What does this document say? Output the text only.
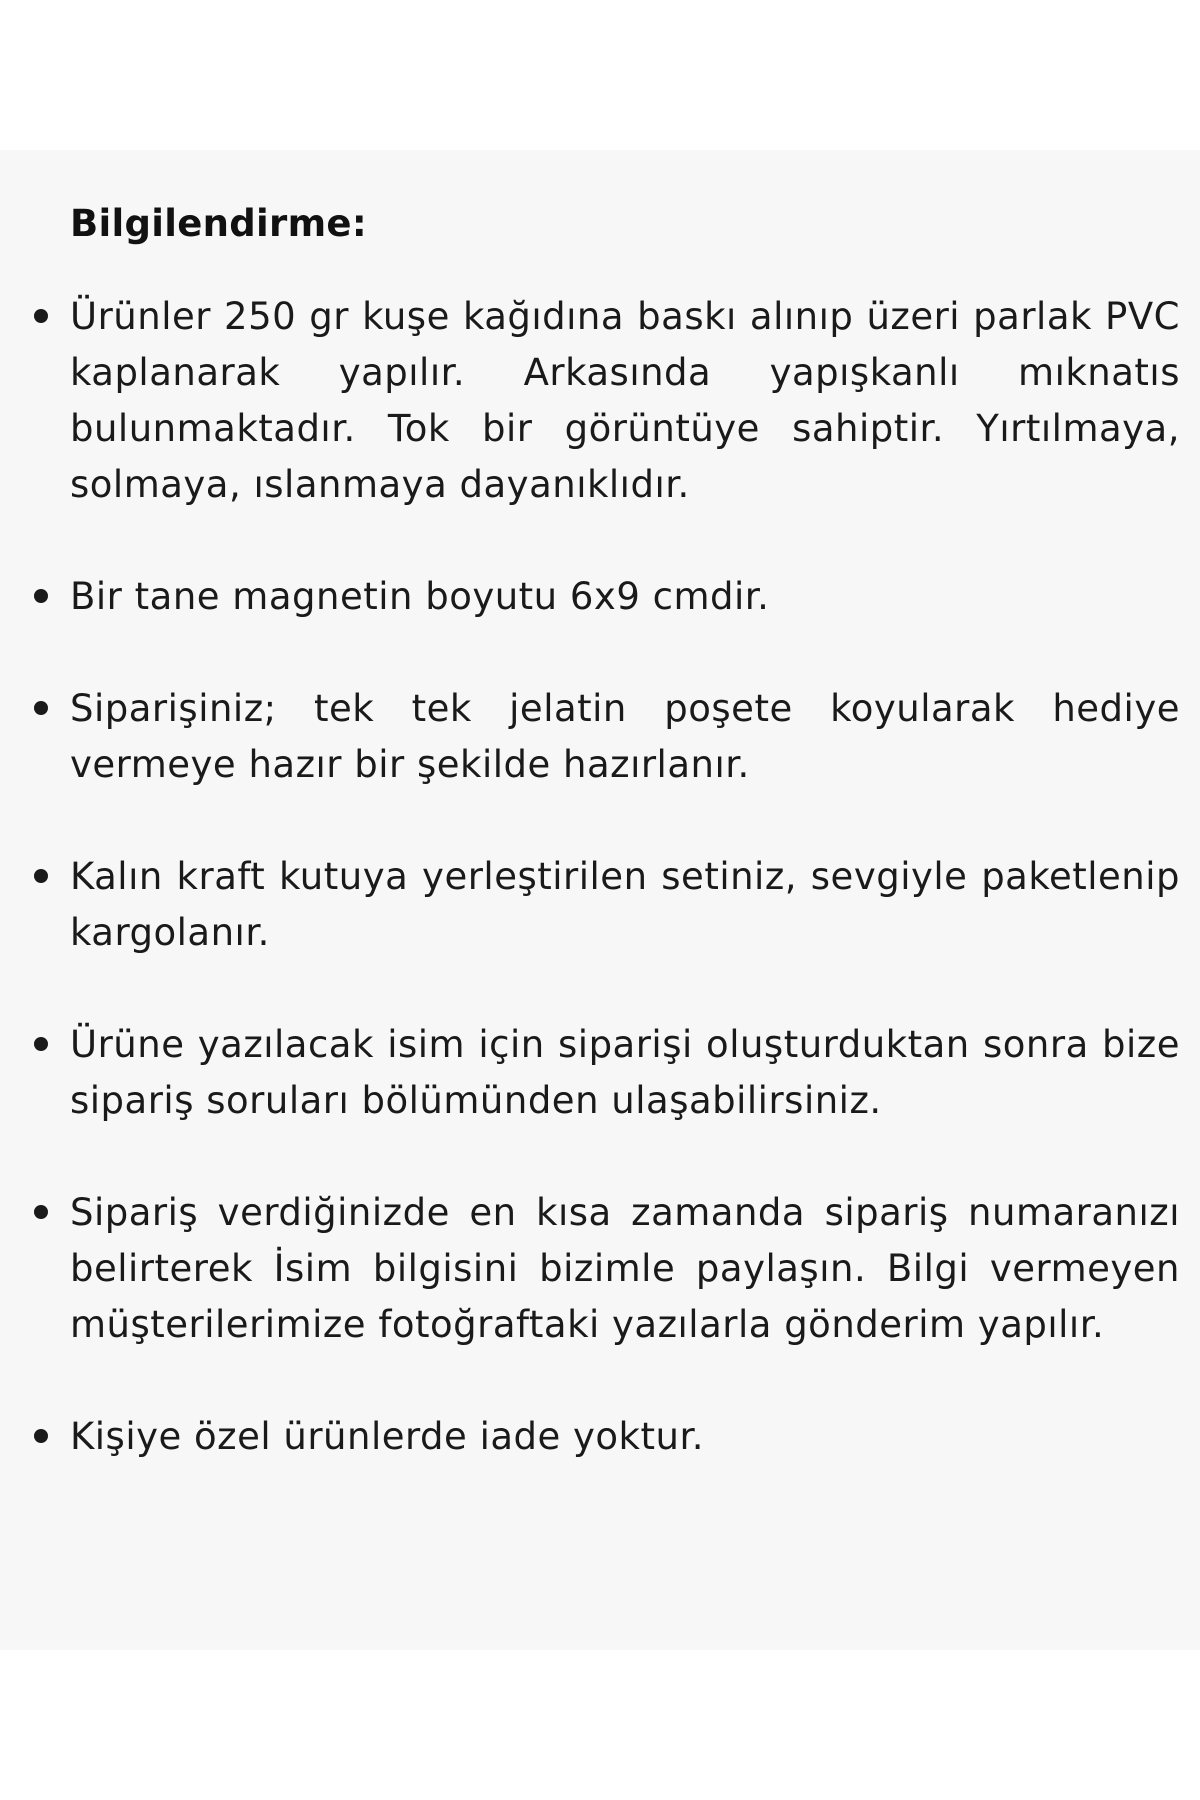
Bilgilendirme:
Ürünler 250 gr kuşe kağıdına baskı alınıp üzeri parlak PVC kaplanarak yapılır. Arkasında yapışkanlı mıknatıs bulunmaktadır. Tok bir görüntüye sahiptir. Yırtılmaya, solmaya, ıslanmaya dayanıklıdır.
Bir tane magnetin boyutu 6x9 cmdir.
Siparişiniz; tek tek jelatin poşete koyularak hediye vermeye hazır bir şekilde hazırlanır.
Kalın kraft kutuya yerleştirilen setiniz, sevgiyle paketlenip kargolanır.
Ürüne yazılacak isim için siparişi oluşturduktan sonra bize sipariş soruları bölümünden ulaşabilirsiniz.
Sipariş verdiğinizde en kısa zamanda sipariş numaranızı belirterek İsim bilgisini bizimle paylaşın. Bilgi vermeyen müşterilerimize fotoğraftaki yazılarla gönderim yapılır.
Kişiye özel ürünlerde iade yoktur.
